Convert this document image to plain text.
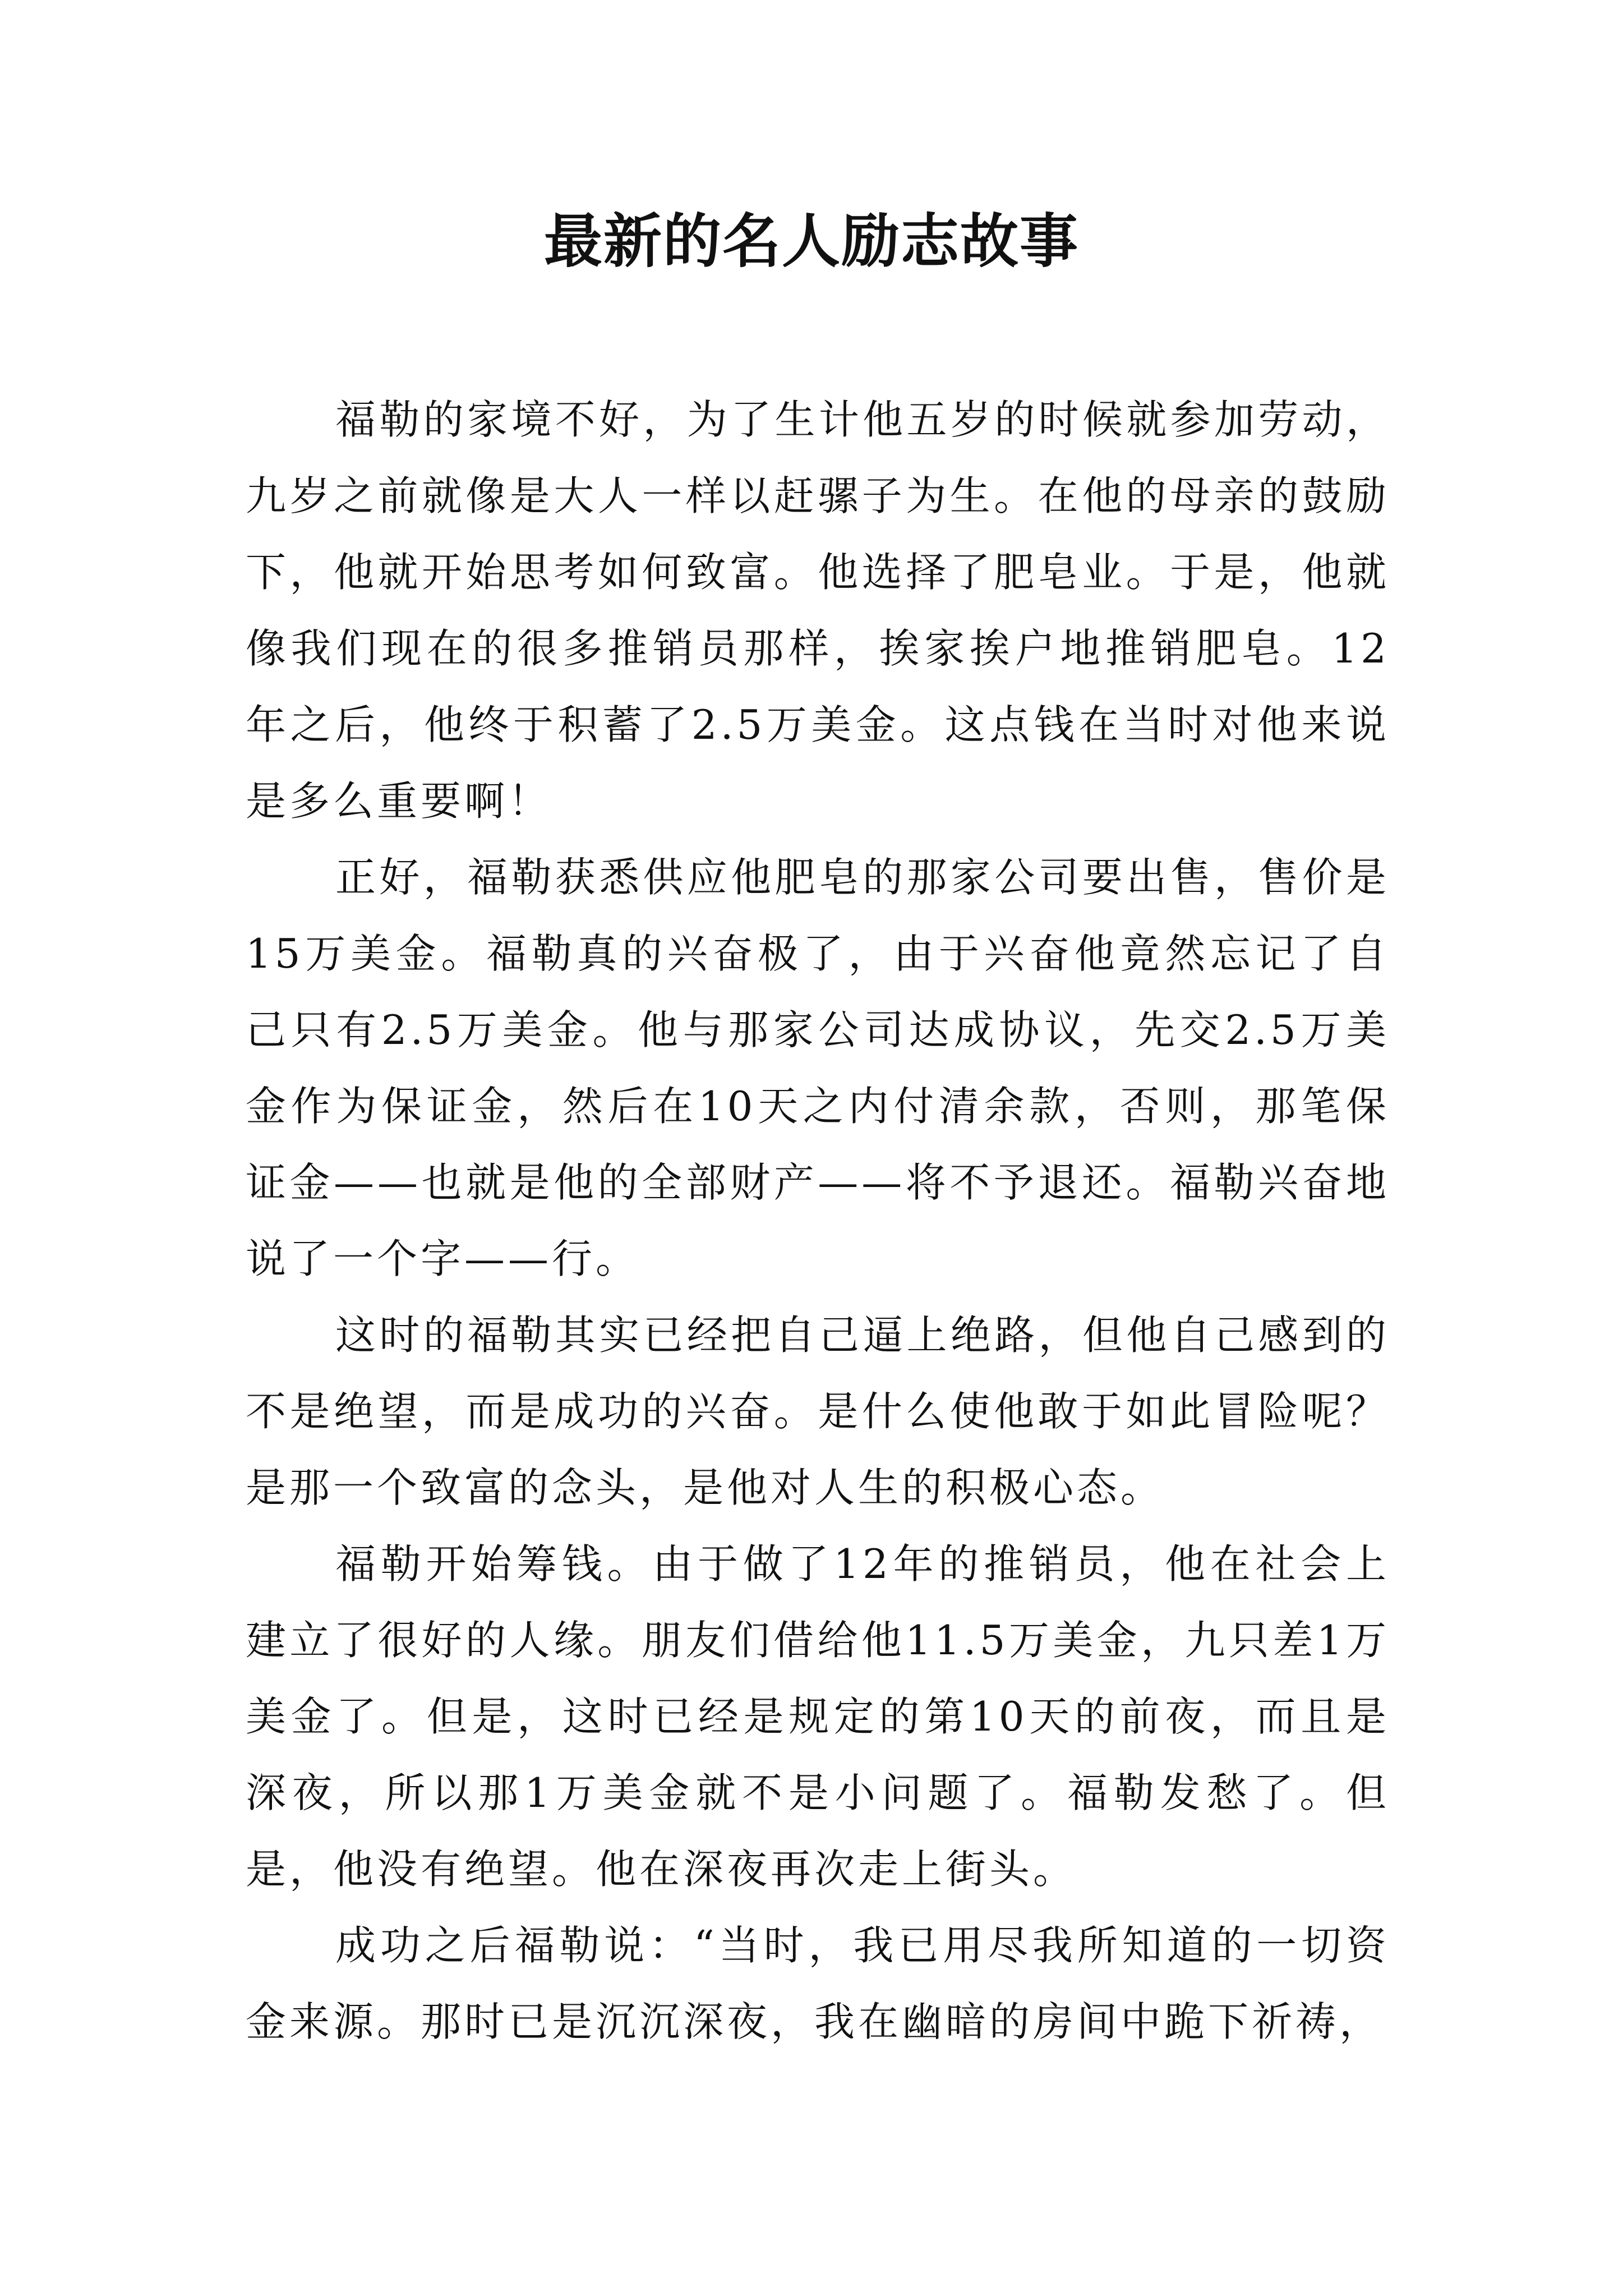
最新的名人励志故事

福勒的家境不好，为了生计他五岁的时候就参加劳动，九岁之前就像是大人一样以赶骡子为生。在他的母亲的鼓励下，他就开始思考如何致富。他选择了肥皂业。于是，他就像我们现在的很多推销员那样，挨家挨户地推销肥皂。12年之后，他终于积蓄了2.5万美金。这点钱在当时对他来说是多么重要啊！

正好，福勒获悉供应他肥皂的那家公司要出售，售价是15万美金。福勒真的兴奋极了，由于兴奋他竟然忘记了自己只有2.5万美金。他与那家公司达成协议，先交2.5万美金作为保证金，然后在10天之内付清余款，否则，那笔保证金——也就是他的全部财产——将不予退还。福勒兴奋地说了一个字——行。

这时的福勒其实已经把自己逼上绝路，但他自己感到的不是绝望，而是成功的兴奋。是什么使他敢于如此冒险呢？是那一个致富的念头，是他对人生的积极心态。

福勒开始筹钱。由于做了12年的推销员，他在社会上建立了很好的人缘。朋友们借给他11.5万美金，九只差1万美金了。但是，这时已经是规定的第10天的前夜，而且是深夜，所以那1万美金就不是小问题了。福勒发愁了。但是，他没有绝望。他在深夜再次走上街头。

成功之后福勒说：“当时，我已用尽我所知道的一切资金来源。那时已是沉沉深夜，我在幽暗的房间中跪下祈祷，
